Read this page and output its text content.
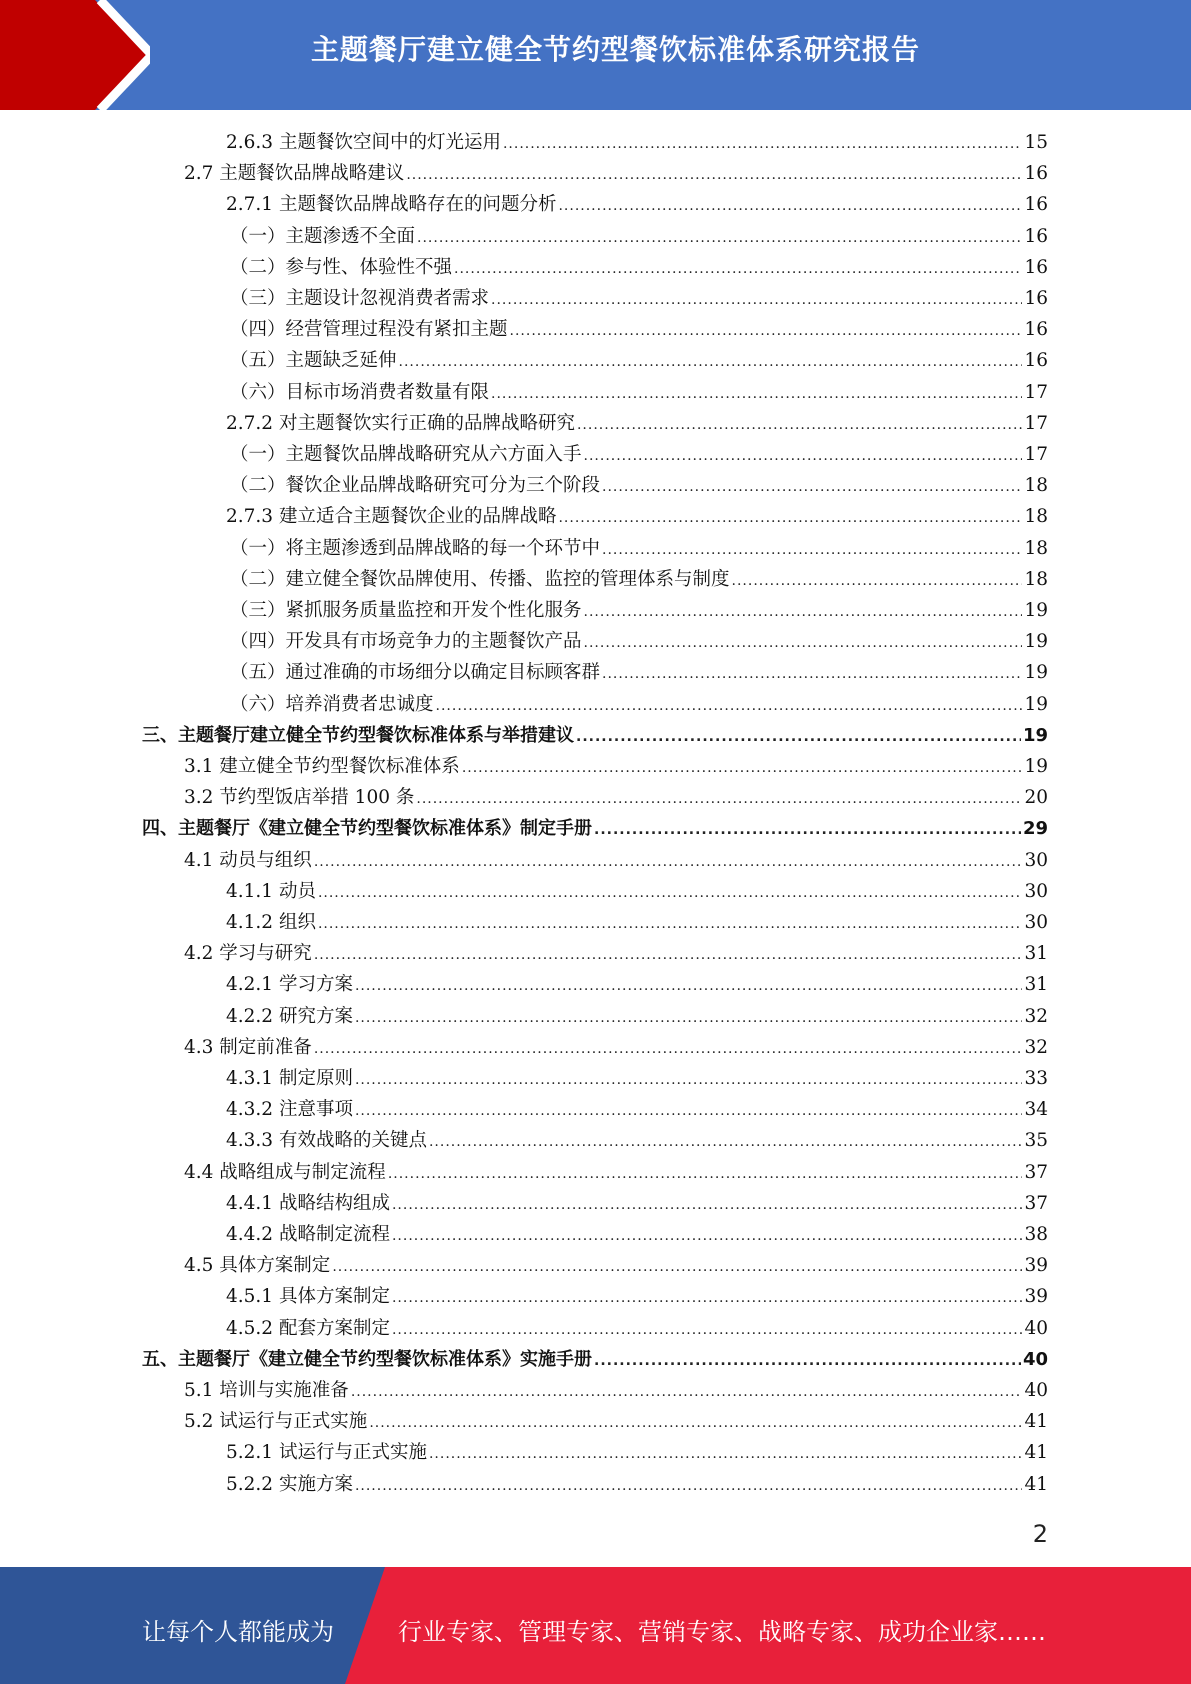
主题餐厅建立健全节约型餐饮标准体系研究报告
2.6.3 主题餐饮空间中的灯光运用 .....	15
2.7 主题餐饮品牌战略建议 .....	16
2.7.1 主题餐饮品牌战略存在的问题分析 .....	16
（一）主题渗透不全面 .....	16
（二）参与性、体验性不强 .....	16
（三）主题设计忽视消费者需求 .....	16
（四）经营管理过程没有紧扣主题 .....	16
（五）主题缺乏延伸 .....	16
（六）目标市场消费者数量有限 .....	17
2.7.2 对主题餐饮实行正确的品牌战略研究 .....	17
（一）主题餐饮品牌战略研究从六方面入手 .....	17
（二）餐饮企业品牌战略研究可分为三个阶段 .....	18
2.7.3 建立适合主题餐饮企业的品牌战略 .....	18
（一）将主题渗透到品牌战略的每一个环节中 .....	18
（二）建立健全餐饮品牌使用、传播、监控的管理体系与制度 .....	18
（三）紧抓服务质量监控和开发个性化服务 .....	19
（四）开发具有市场竞争力的主题餐饮产品 .....	19
（五）通过准确的市场细分以确定目标顾客群 .....	19
（六）培养消费者忠诚度 .....	19
三、主题餐厅建立健全节约型餐饮标准体系与举措建议 .....	19
3.1 建立健全节约型餐饮标准体系 .....	19
3.2 节约型饭店举措 100 条 .....	20
四、主题餐厅《建立健全节约型餐饮标准体系》制定手册 .....	29
4.1 动员与组织 .....	30
4.1.1 动员 .....	30
4.1.2 组织 .....	30
4.2 学习与研究 .....	31
4.2.1 学习方案 .....	31
4.2.2 研究方案 .....	32
4.3 制定前准备 .....	32
4.3.1 制定原则 .....	33
4.3.2 注意事项 .....	34
4.3.3 有效战略的关键点 .....	35
4.4 战略组成与制定流程 .....	37
4.4.1 战略结构组成 .....	37
4.4.2 战略制定流程 .....	38
4.5 具体方案制定 .....	39
4.5.1 具体方案制定 .....	39
4.5.2 配套方案制定 .....	40
五、主题餐厅《建立健全节约型餐饮标准体系》实施手册 .....	40
5.1 培训与实施准备 .....	40
5.2 试运行与正式实施 .....	41
5.2.1 试运行与正式实施 .....	41
5.2.2 实施方案 .....	41
2
让每个人都能成为	行业专家、管理专家、营销专家、战略专家、成功企业家……
